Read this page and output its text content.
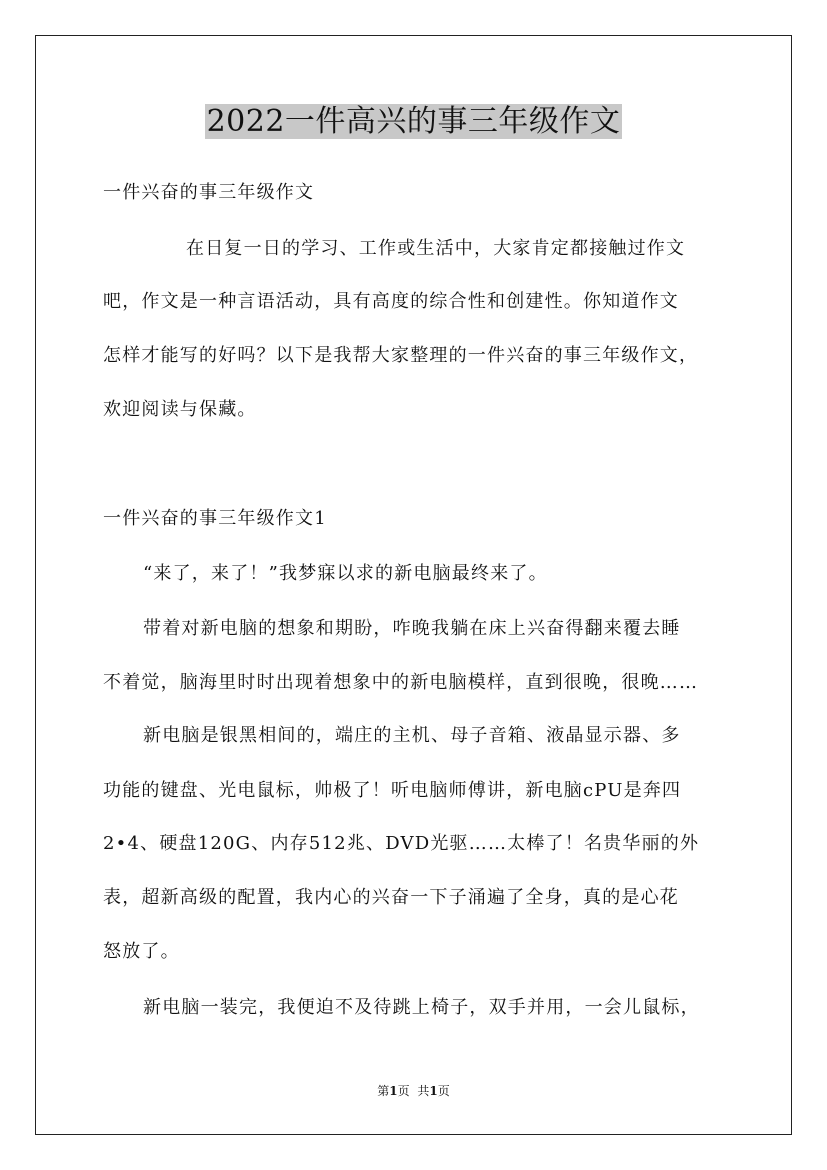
2022一件高兴的事三年级作文
一件兴奋的事三年级作文
在日复一日的学习、工作或生活中，大家肯定都接触过作文
吧，作文是一种言语活动，具有高度的综合性和创建性。你知道作文
怎样才能写的好吗？以下是我帮大家整理的一件兴奋的事三年级作文，
欢迎阅读与保藏。
一件兴奋的事三年级作文1
“来了，来了！”我梦寐以求的新电脑最终来了。
带着对新电脑的想象和期盼，咋晚我躺在床上兴奋得翻来覆去睡
不着觉，脑海里时时出现着想象中的新电脑模样，直到很晚，很晚……
新电脑是银黑相间的，端庄的主机、母子音箱、液晶显示器、多
功能的键盘、光电鼠标，帅极了！听电脑师傅讲，新电脑cPU是奔四
2•4、硬盘120G、内存512兆、DVD光驱……太棒了！名贵华丽的外
表，超新高级的配置，我内心的兴奋一下子涌遍了全身，真的是心花
怒放了。
新电脑一装完，我便迫不及待跳上椅子，双手并用，一会儿鼠标，
第1页 共1页
